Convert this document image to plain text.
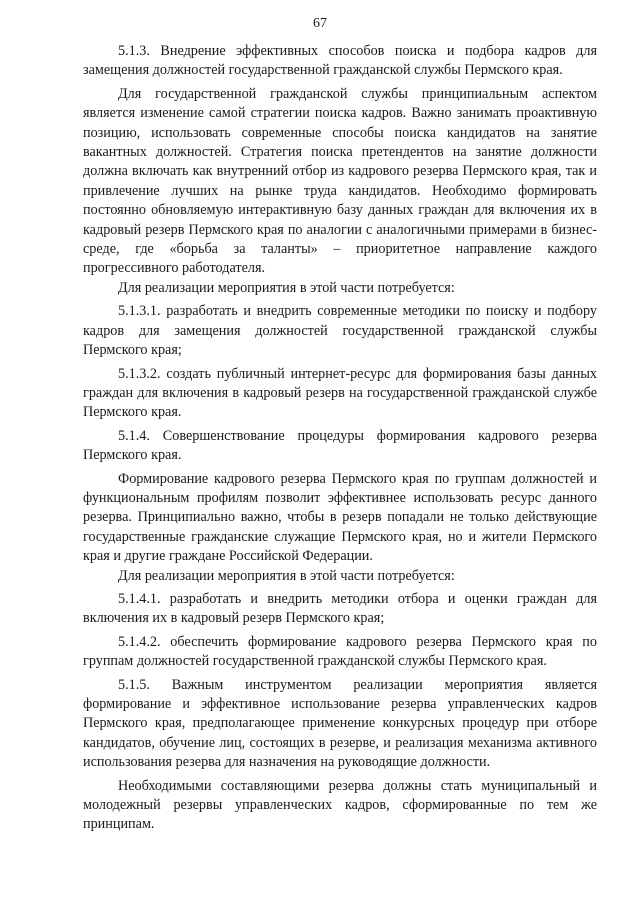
67

5.1.3. Внедрение эффективных способов поиска и подбора кадров для замещения должностей государственной гражданской службы Пермского края.

Для государственной гражданской службы принципиальным аспектом является изменение самой стратегии поиска кадров. Важно занимать проактивную позицию, использовать современные способы поиска кандидатов на занятие вакантных должностей. Стратегия поиска претендентов на занятие должности должна включать как внутренний отбор из кадрового резерва Пермского края, так и привлечение лучших на рынке труда кандидатов. Необходимо формировать постоянно обновляемую интерактивную базу данных граждан для включения их в кадровый резерв Пермского края по аналогии с аналогичными примерами в бизнес-среде, где «борьба за таланты» – приоритетное направление каждого прогрессивного работодателя.

Для реализации мероприятия в этой части потребуется:

5.1.3.1. разработать и внедрить современные методики по поиску и подбору кадров для замещения должностей государственной гражданской службы Пермского края;

5.1.3.2. создать публичный интернет-ресурс для формирования базы данных граждан для включения в кадровый резерв на государственной гражданской службе Пермского края.

5.1.4. Совершенствование процедуры формирования кадрового резерва Пермского края.

Формирование кадрового резерва Пермского края по группам должностей и функциональным профилям позволит эффективнее использовать ресурс данного резерва. Принципиально важно, чтобы в резерв попадали не только действующие государственные гражданские служащие Пермского края, но и жители Пермского края и другие граждане Российской Федерации.

Для реализации мероприятия в этой части потребуется:

5.1.4.1. разработать и внедрить методики отбора и оценки граждан для включения их в кадровый резерв Пермского края;

5.1.4.2. обеспечить формирование кадрового резерва Пермского края по группам должностей государственной гражданской службы Пермского края.

5.1.5. Важным инструментом реализации мероприятия является формирование и эффективное использование резерва управленческих кадров Пермского края, предполагающее применение конкурсных процедур при отборе кандидатов, обучение лиц, состоящих в резерве, и реализация механизма активного использования резерва для назначения на руководящие должности.

Необходимыми составляющими резерва должны стать муниципальный и молодежный резервы управленческих кадров, сформированные по тем же принципам.
